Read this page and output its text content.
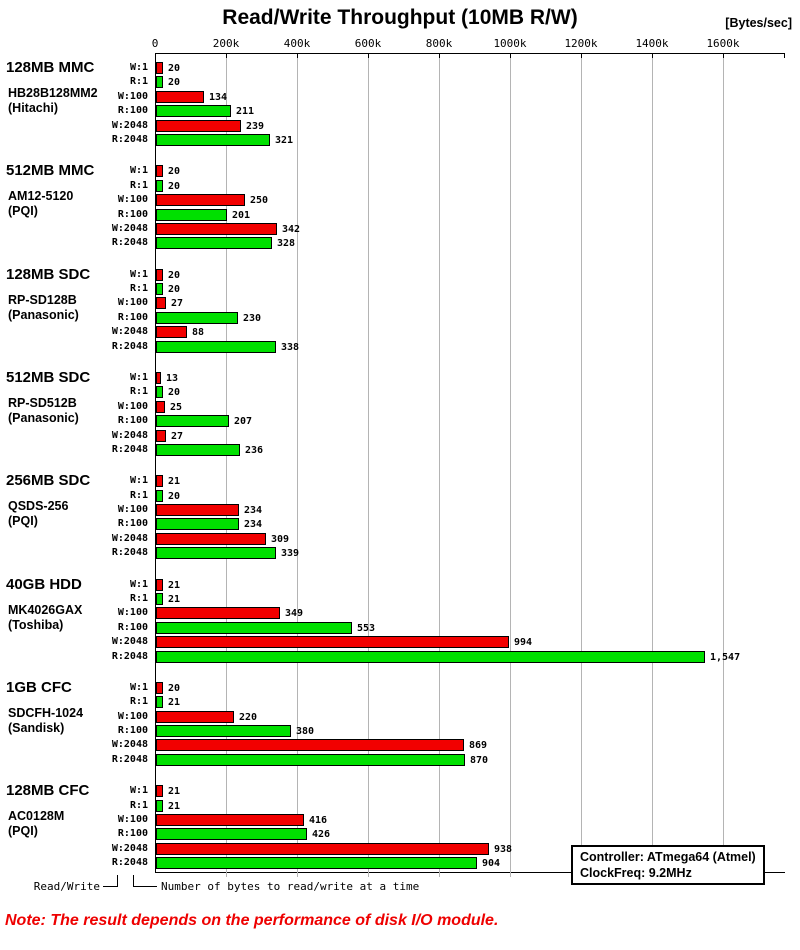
Read/Write Throughput (10MB R/W)	[Bytes/sec]
0	200k	400k	600k	800k	1000k	1200k	1400k	1600k
128MB MMC
HB28B128MM2
(Hitachi)
W:1 20
R:1 20
W:100	134
R:100	211
W:2048	239
R:2048	321
512MB MMC
AM12-5120
(PQI)
W:1 20
R:1 20
W:100	250
R:100	201
W:2048	342
R:2048	328
128MB SDC
RP-SD128B
(Panasonic)
W:1 20
R:1 20
W:100 27
R:100	230
W:2048	88
R:2048	338
512MB SDC
RP-SD512B
(Panasonic)
W:1 13
R:1 20
W:100 25
R:100	207
W:2048 27
R:2048	236
256MB SDC
QSDS-256
(PQI)
W:1 21
R:1 20
W:100	234
R:100	234
W:2048	309
R:2048	339
40GB HDD
MK4026GAX
(Toshiba)
W:1 21
R:1 21
W:100	349
R:100	553
W:2048	994
R:2048	1,547
1GB CFC
SDCFH-1024
(Sandisk)
W:1 20
R:1 21
W:100	220
R:100	380
W:2048	869
R:2048	870
128MB CFC
AC0128M
(PQI)
W:1 21
R:1 21
W:100	416
R:100	426
W:2048	938
R:2048	904	Controller: ATmega64 (Atmel)
ClockFreq: 9.2MHz
Read/Write	Number of bytes to read/write at a time
Note: The result depends on the performance of disk I/O module.
